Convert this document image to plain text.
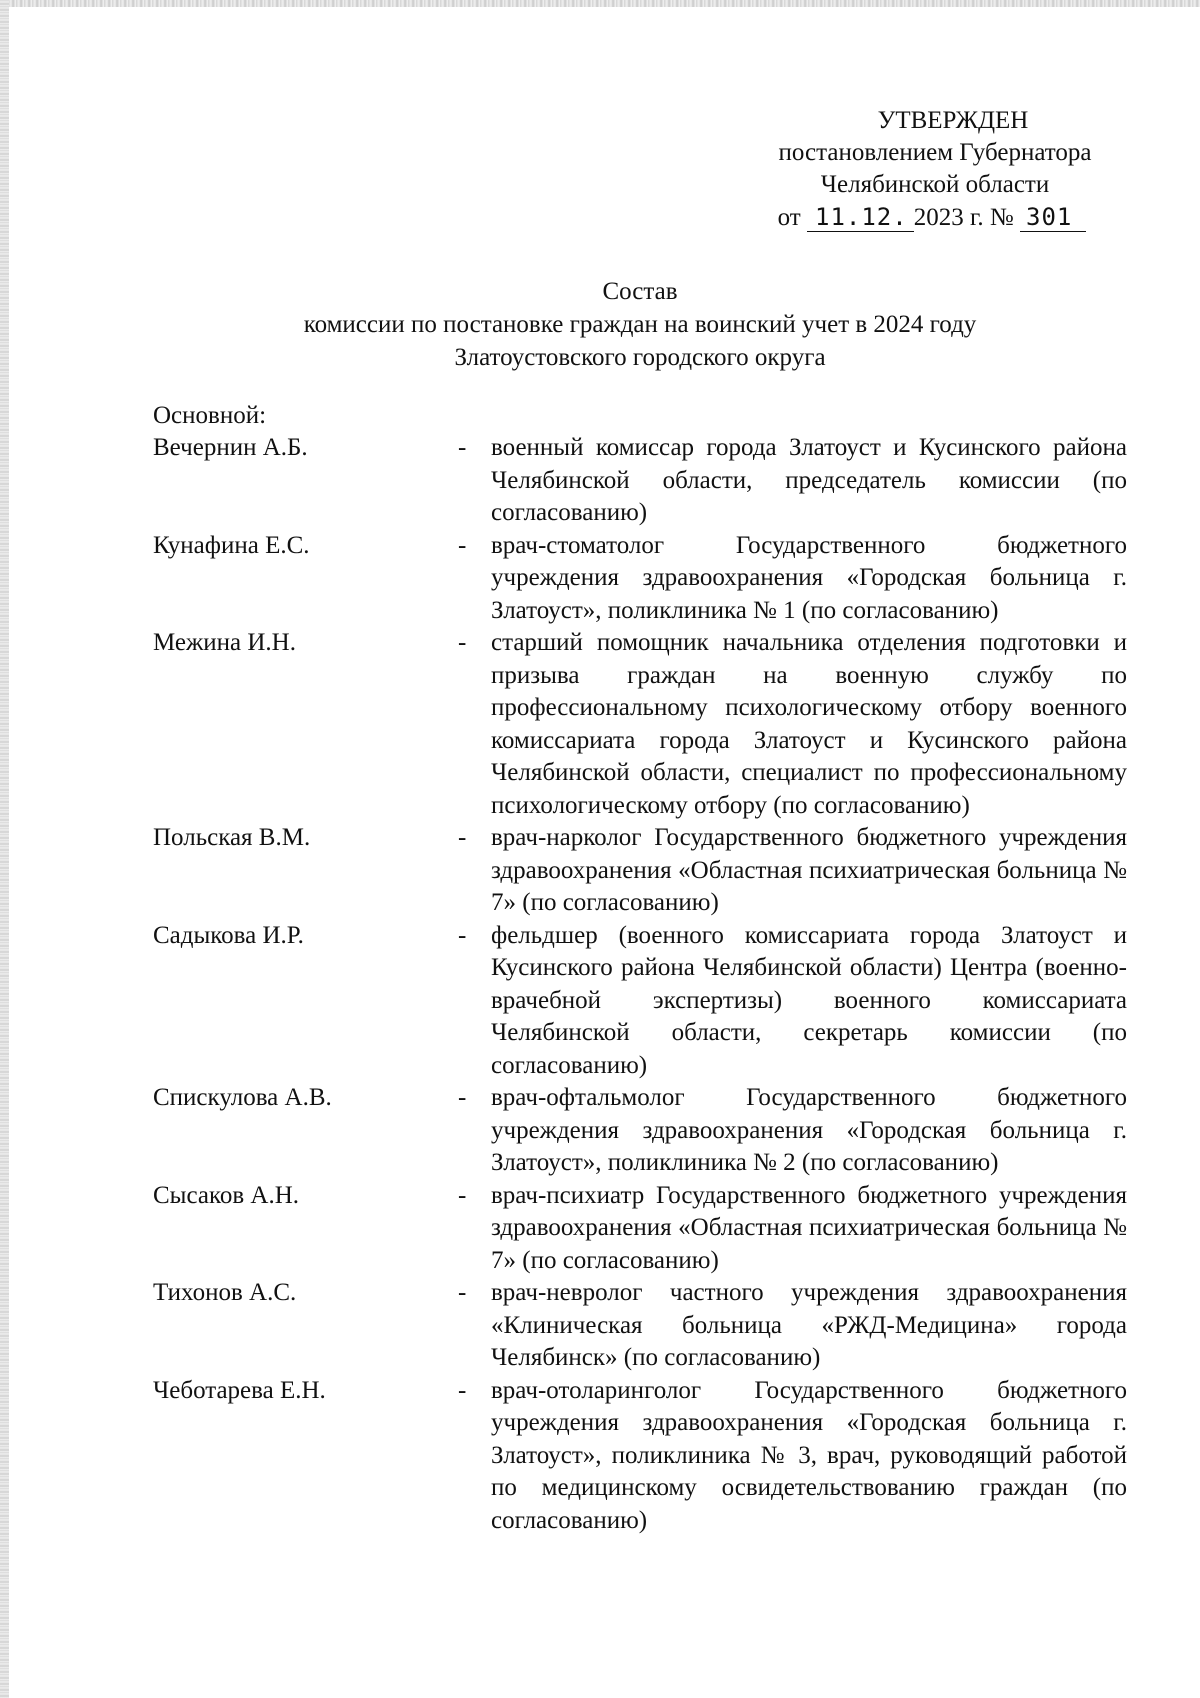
УТВЕРЖДЕН
постановлением Губернатора
Челябинской области
от 11.12. 2023 г. № 301
Состав
комиссии по постановке граждан на воинский учет в 2024 году
Златоустовского городского округа
Основной:
Вечернин А.Б.	- военный комиссар города Златоуст и Кусинского района Челябинской области, председатель комиссии (по согласованию)
Кунафина Е.С.	- врач-стоматолог Государственного бюджетного учреждения здравоохранения «Городская больница г. Златоуст», поликлиника № 1 (по согласованию)
Межина И.Н.	- старший помощник начальника отделения подготовки и призыва граждан на военную службу по профессиональному психологическому отбору военного комиссариата города Златоуст и Кусинского района Челябинской области, специалист по профессиональному психологическому отбору (по согласованию)
Польская В.М.	- врач-нарколог Государственного бюджетного учреждения здравоохранения «Областная психиатрическая больница № 7» (по согласованию)
Садыкова И.Р.	- фельдшер (военного комиссариата города Златоуст и Кусинского района Челябинской области) Центра (военно-врачебной экспертизы) военного комиссариата Челябинской области, секретарь комиссии (по согласованию)
Спискулова А.В.	- врач-офтальмолог Государственного бюджетного учреждения здравоохранения «Городская больница г. Златоуст», поликлиника № 2 (по согласованию)
Сысаков А.Н.	- врач-психиатр Государственного бюджетного учреждения здравоохранения «Областная психиатрическая больница № 7» (по согласованию)
Тихонов А.С.	- врач-невролог частного учреждения здравоохранения «Клиническая больница «РЖД-Медицина» города Челябинск» (по согласованию)
Чеботарева Е.Н.	- врач-отоларинголог Государственного бюджетного учреждения здравоохранения «Городская больница г. Златоуст», поликлиника № 3, врач, руководящий работой по медицинскому освидетельствованию граждан (по согласованию)
